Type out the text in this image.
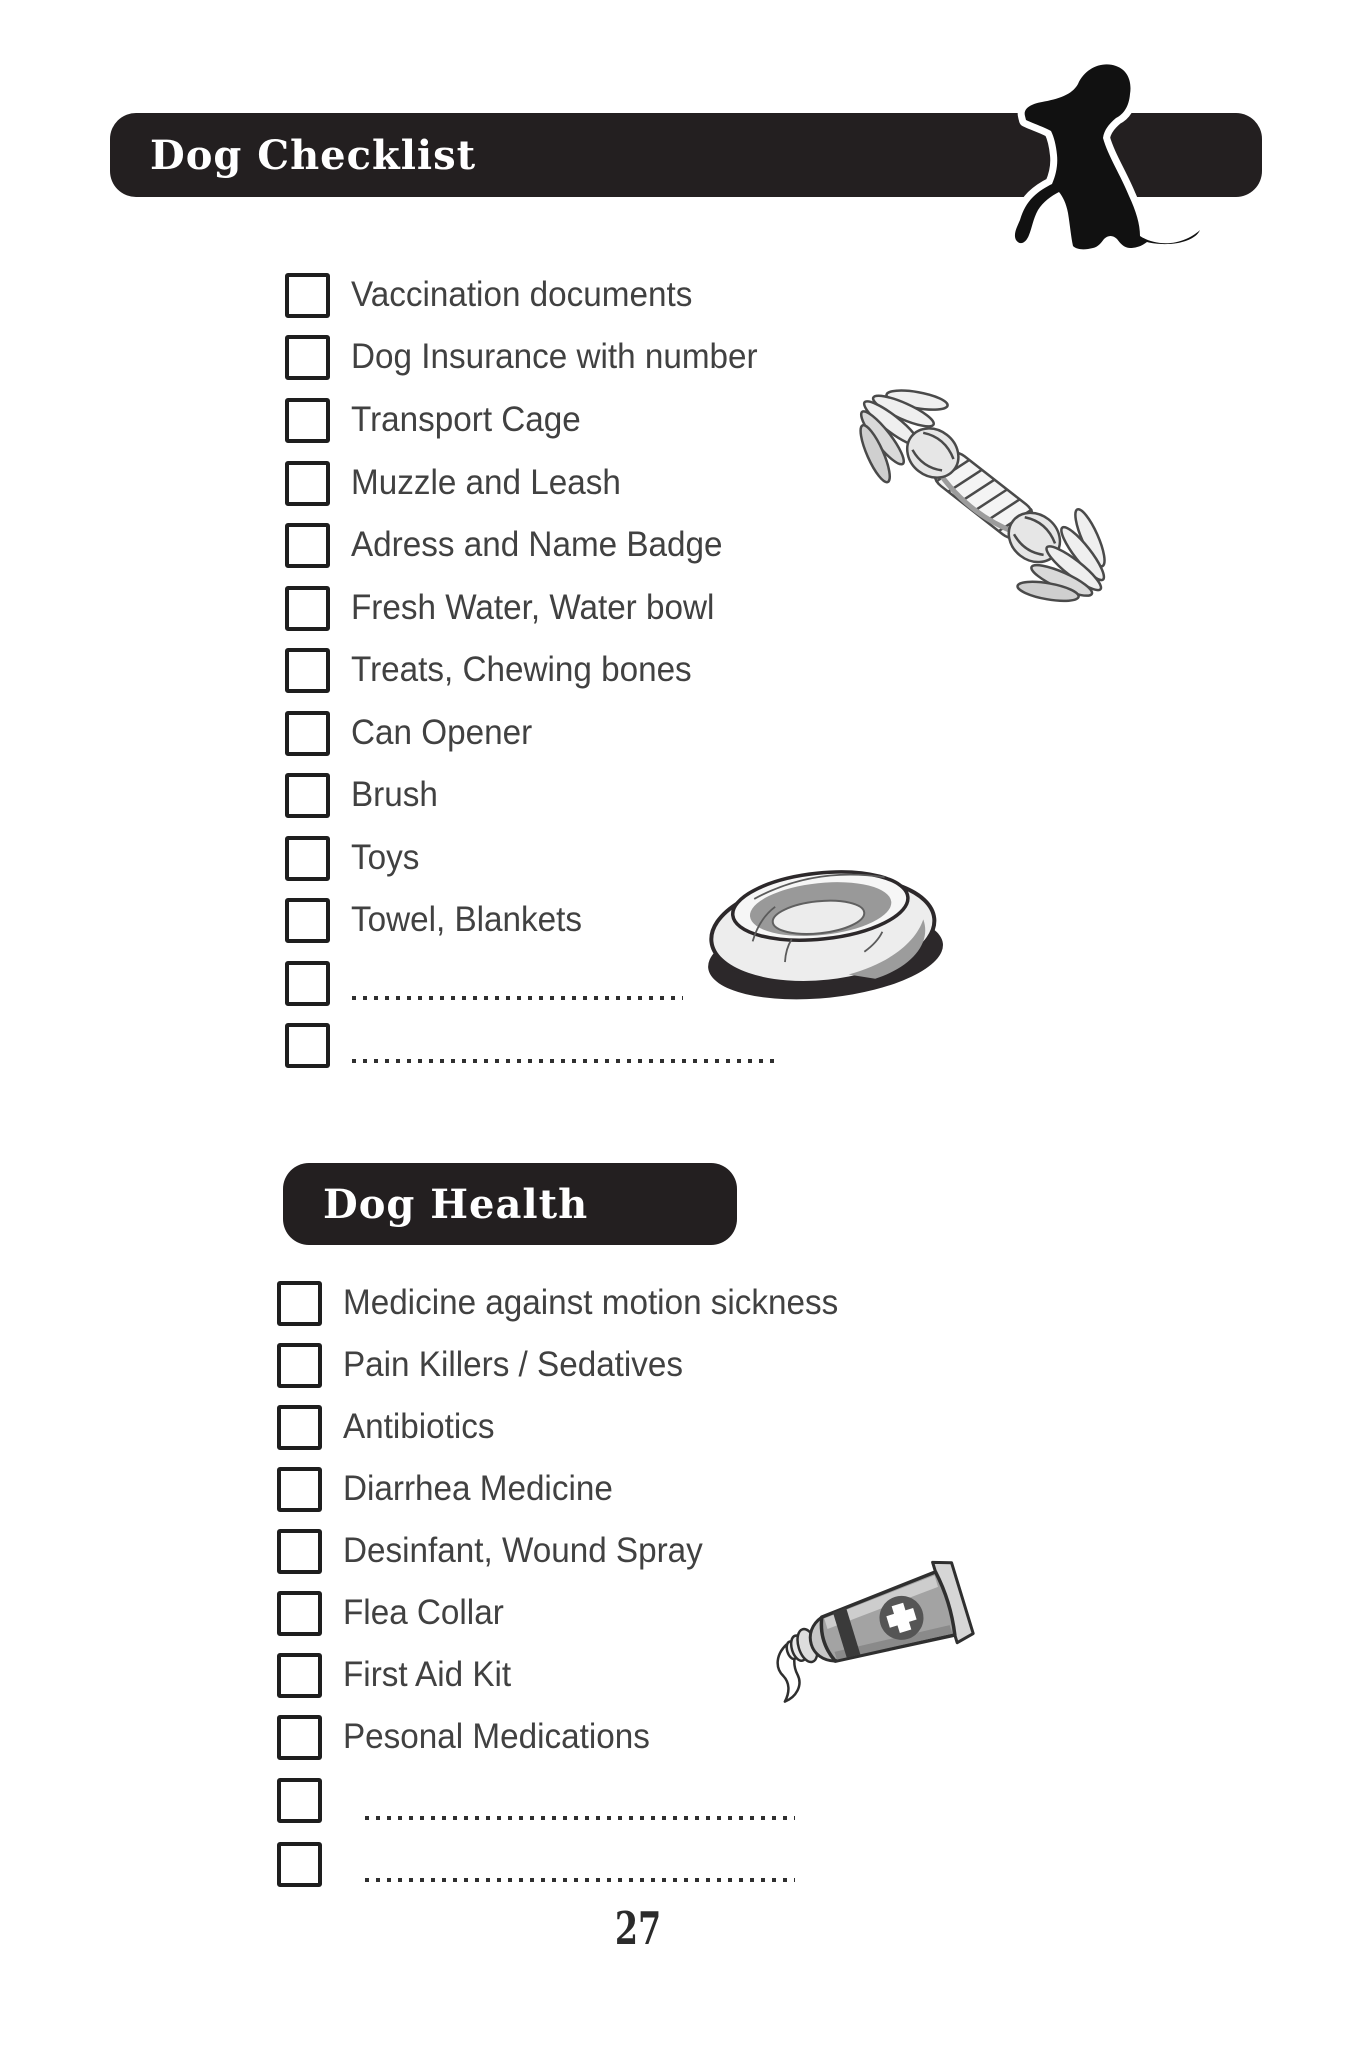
Dog Checklist
Vaccination documents
Dog Insurance with number
Transport Cage
Muzzle and Leash
Adress and Name Badge
Fresh Water, Water bowl
Treats, Chewing bones
Can Opener
Brush
Toys
Towel, Blankets
Dog Health
Medicine against motion sickness
Pain Killers / Sedatives
Antibiotics
Diarrhea Medicine
Desinfant, Wound Spray
Flea Collar
First Aid Kit
Pesonal Medications
27
